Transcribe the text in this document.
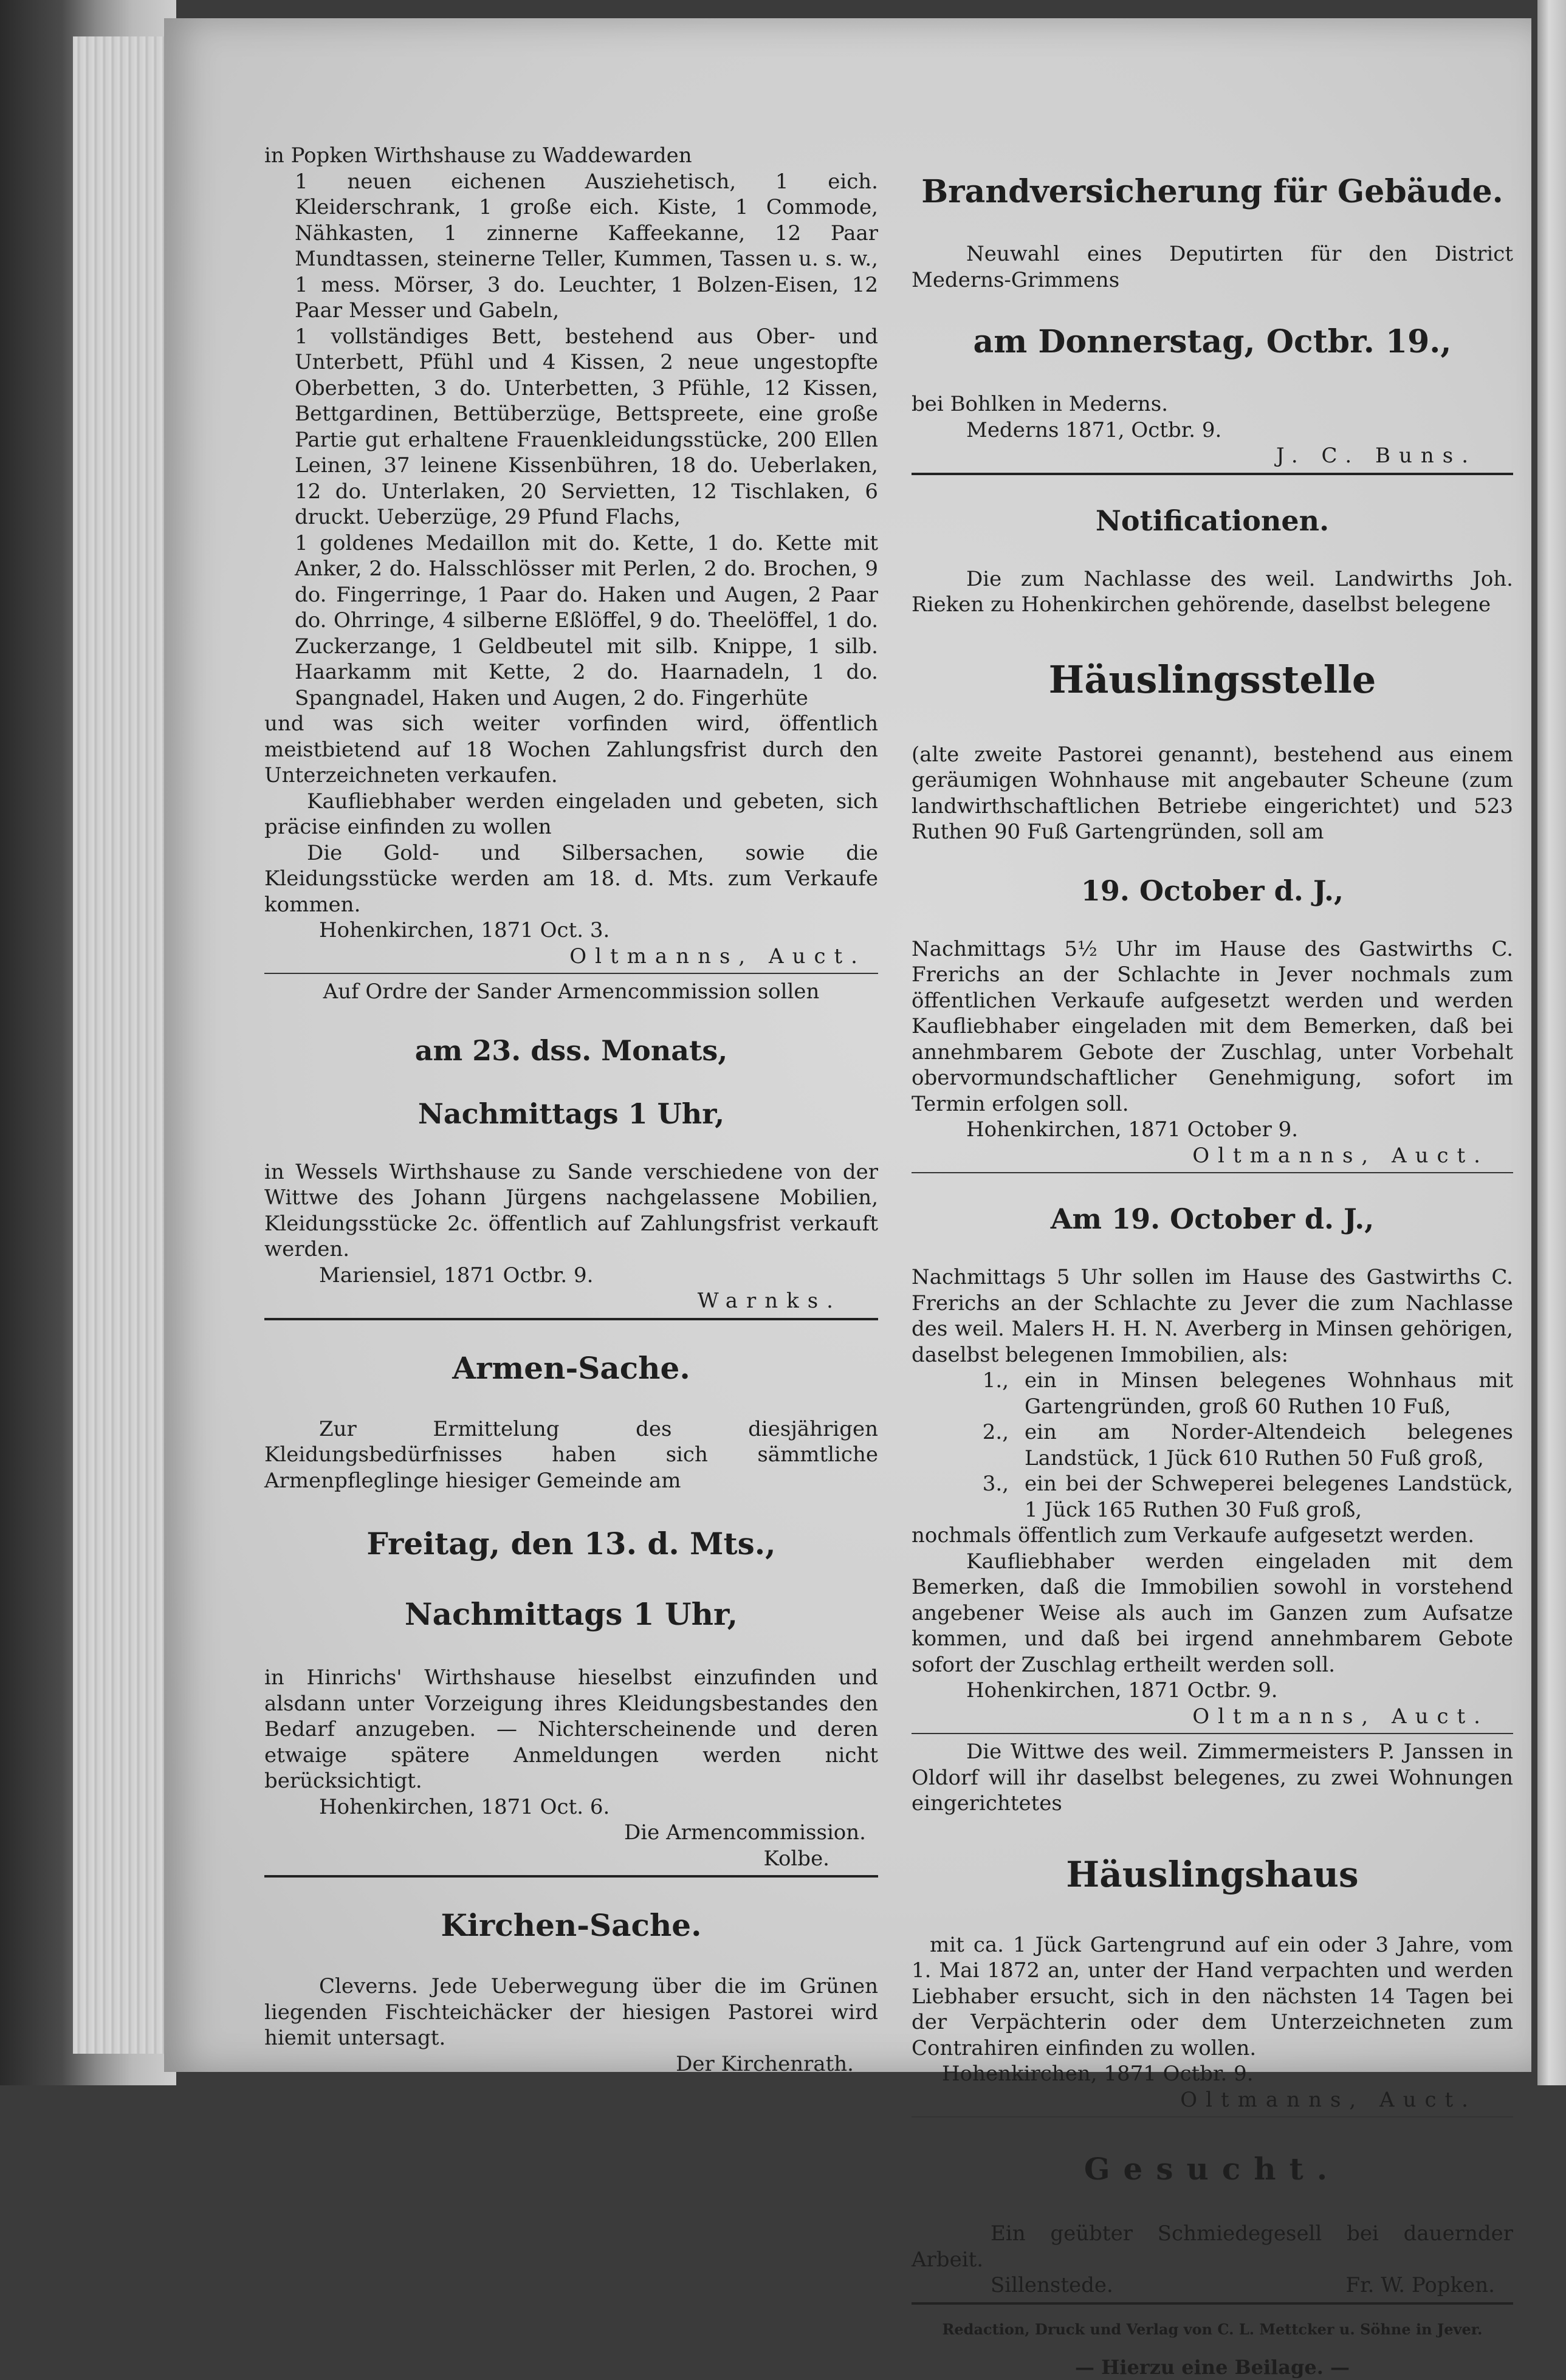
in Popken Wirthshause zu Waddewarden

1 neuen eichenen Ausziehetisch, 1 eich. Kleiderschrank, 1 große eich. Kiste, 1 Commode, Nähkasten, 1 zinnerne Kaffeekanne, 12 Paar Mundtassen, steinerne Teller, Kummen, Tassen u. s. w., 1 mess. Mörser, 3 do. Leuchter, 1 Bolzen-Eisen, 12 Paar Messer und Gabeln,

1 vollständiges Bett, bestehend aus Ober- und Unterbett, Pfühl und 4 Kissen, 2 neue ungestopfte Oberbetten, 3 do. Unterbetten, 3 Pfühle, 12 Kissen, Bettgardinen, Bettüberzüge, Bettspreete, eine große Partie gut erhaltene Frauenkleidungsstücke, 200 Ellen Leinen, 37 leinene Kissenbühren, 18 do. Ueberlaken, 12 do. Unterlaken, 20 Servietten, 12 Tischlaken, 6 druckt. Ueberzüge, 29 Pfund Flachs,

1 goldenes Medaillon mit do. Kette, 1 do. Kette mit Anker, 2 do. Halsschlösser mit Perlen, 2 do. Brochen, 9 do. Fingerringe, 1 Paar do. Haken und Augen, 2 Paar do. Ohrringe, 4 silberne Eßlöffel, 9 do. Theelöffel, 1 do. Zuckerzange, 1 Geldbeutel mit silb. Knippe, 1 silb. Haarkamm mit Kette, 2 do. Haarnadeln, 1 do. Spangnadel, Haken und Augen, 2 do. Fingerhüte

und was sich weiter vorfinden wird, öffentlich meistbietend auf 18 Wochen Zahlungsfrist durch den Unterzeichneten verkaufen.

Kaufliebhaber werden eingeladen und gebeten, sich präcise einfinden zu wollen

Die Gold- und Silbersachen, sowie die Kleidungsstücke werden am 18. d. Mts. zum Verkaufe kommen.

Hohenkirchen, 1871 Oct. 3.

Oltmanns, Auct.

Auf Ordre der Sander Armencommission sollen

am 23. dss. Monats,

Nachmittags 1 Uhr,

in Wessels Wirthshause zu Sande verschiedene von der Wittwe des Johann Jürgens nachgelassene Mobilien, Kleidungsstücke 2c. öffentlich auf Zahlungsfrist verkauft werden.

Mariensiel, 1871 Octbr. 9.

Warnks.

Armen-Sache.

Zur Ermittelung des diesjährigen Kleidungsbedürfnisses haben sich sämmtliche Armenpfleglinge hiesiger Gemeinde am

Freitag, den 13. d. Mts.,

Nachmittags 1 Uhr,

in Hinrichs' Wirthshause hieselbst einzufinden und alsdann unter Vorzeigung ihres Kleidungsbestandes den Bedarf anzugeben. — Nichterscheinende und deren etwaige spätere Anmeldungen werden nicht berücksichtigt.

Hohenkirchen, 1871 Oct. 6.

Die Armencommission.

Kolbe.

Kirchen-Sache.

Cleverns. Jede Ueberwegung über die im Grünen liegenden Fischteichäcker der hiesigen Pastorei wird hiemit untersagt.

Der Kirchenrath.

Brandversicherung für Gebäude.

Neuwahl eines Deputirten für den District Mederns-Grimmens

am Donnerstag, Octbr. 19.,

bei Bohlken in Mederns.

Mederns 1871, Octbr. 9.

J. C. Buns.

Notificationen.

Die zum Nachlasse des weil. Landwirths Joh. Rieken zu Hohenkirchen gehörende, daselbst belegene

Häuslingsstelle

(alte zweite Pastorei genannt), bestehend aus einem geräumigen Wohnhause mit angebauter Scheune (zum landwirthschaftlichen Betriebe eingerichtet) und 523 Ruthen 90 Fuß Gartengründen, soll am

19. October d. J.,

Nachmittags 5½ Uhr im Hause des Gastwirths C. Frerichs an der Schlachte in Jever nochmals zum öffentlichen Verkaufe aufgesetzt werden und werden Kaufliebhaber eingeladen mit dem Bemerken, daß bei annehmbarem Gebote der Zuschlag, unter Vorbehalt obervormundschaftlicher Genehmigung, sofort im Termin erfolgen soll.

Hohenkirchen, 1871 October 9.

Oltmanns, Auct.

Am 19. October d. J.,

Nachmittags 5 Uhr sollen im Hause des Gastwirths C. Frerichs an der Schlachte zu Jever die zum Nachlasse des weil. Malers H. H. N. Averberg in Minsen gehörigen, daselbst belegenen Immobilien, als:

1., ein in Minsen belegenes Wohnhaus mit Gartengründen, groß 60 Ruthen 10 Fuß,
2., ein am Norder-Altendeich belegenes Landstück, 1 Jück 610 Ruthen 50 Fuß groß,
3., ein bei der Schweperei belegenes Landstück, 1 Jück 165 Ruthen 30 Fuß groß,

nochmals öffentlich zum Verkaufe aufgesetzt werden.

Kaufliebhaber werden eingeladen mit dem Bemerken, daß die Immobilien sowohl in vorstehend angebener Weise als auch im Ganzen zum Aufsatze kommen, und daß bei irgend annehmbarem Gebote sofort der Zuschlag ertheilt werden soll.

Hohenkirchen, 1871 Octbr. 9.

Oltmanns, Auct.

Die Wittwe des weil. Zimmermeisters P. Janssen in Oldorf will ihr daselbst belegenes, zu zwei Wohnungen eingerichtetes

Häuslingshaus

mit ca. 1 Jück Gartengrund auf ein oder 3 Jahre, vom 1. Mai 1872 an, unter der Hand verpachten und werden Liebhaber ersucht, sich in den nächsten 14 Tagen bei der Verpächterin oder dem Unterzeichneten zum Contrahiren einfinden zu wollen.

Hohenkirchen, 1871 Octbr. 9.

Oltmanns, Auct.

Gesucht.

Ein geübter Schmiedegesell bei dauernder Arbeit.

Sillenstede.	Fr. W. Popken.

Redaction, Druck und Verlag von C. L. Mettcker u. Söhne in Jever.

— Hierzu eine Beilage. —
